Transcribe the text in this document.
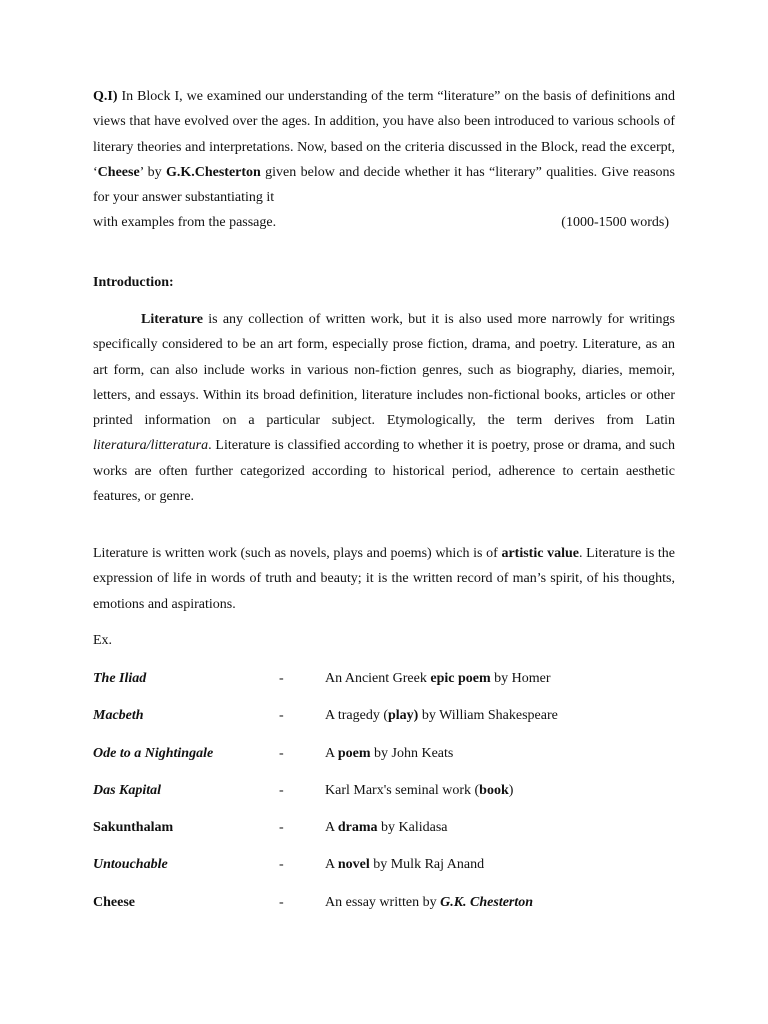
Q.I) In Block I, we examined our understanding of the term “literature” on the basis of definitions and views that have evolved over the ages. In addition, you have also been introduced to various schools of literary theories and interpretations. Now, based on the criteria discussed in the Block, read the excerpt, ‘Cheese’ by G.K.Chesterton given below and decide whether it has “literary” qualities. Give reasons for your answer substantiating it
with examples from the passage.	(1000-1500 words)
Introduction:
Literature is any collection of written work, but it is also used more narrowly for writings specifically considered to be an art form, especially prose fiction, drama, and poetry. Literature, as an art form, can also include works in various non-fiction genres, such as biography, diaries, memoir, letters, and essays. Within its broad definition, literature includes non-fictional books, articles or other printed information on a particular subject. Etymologically, the term derives from Latin literatura/litteratura. Literature is classified according to whether it is poetry, prose or drama, and such works are often further categorized according to historical period, adherence to certain aesthetic features, or genre.
Literature is written work (such as novels, plays and poems) which is of artistic value. Literature is the expression of life in words of truth and beauty; it is the written record of man’s spirit, of his thoughts, emotions and aspirations.
Ex.
The Iliad	-	An Ancient Greek epic poem by Homer
Macbeth	-	A tragedy (play) by William Shakespeare
Ode to a Nightingale	-	A poem by John Keats
Das Kapital	-	Karl Marx's seminal work (book)
Sakunthalam	-	A drama by Kalidasa
Untouchable	-	A novel by Mulk Raj Anand
Cheese	-	An essay written by G.K. Chesterton
